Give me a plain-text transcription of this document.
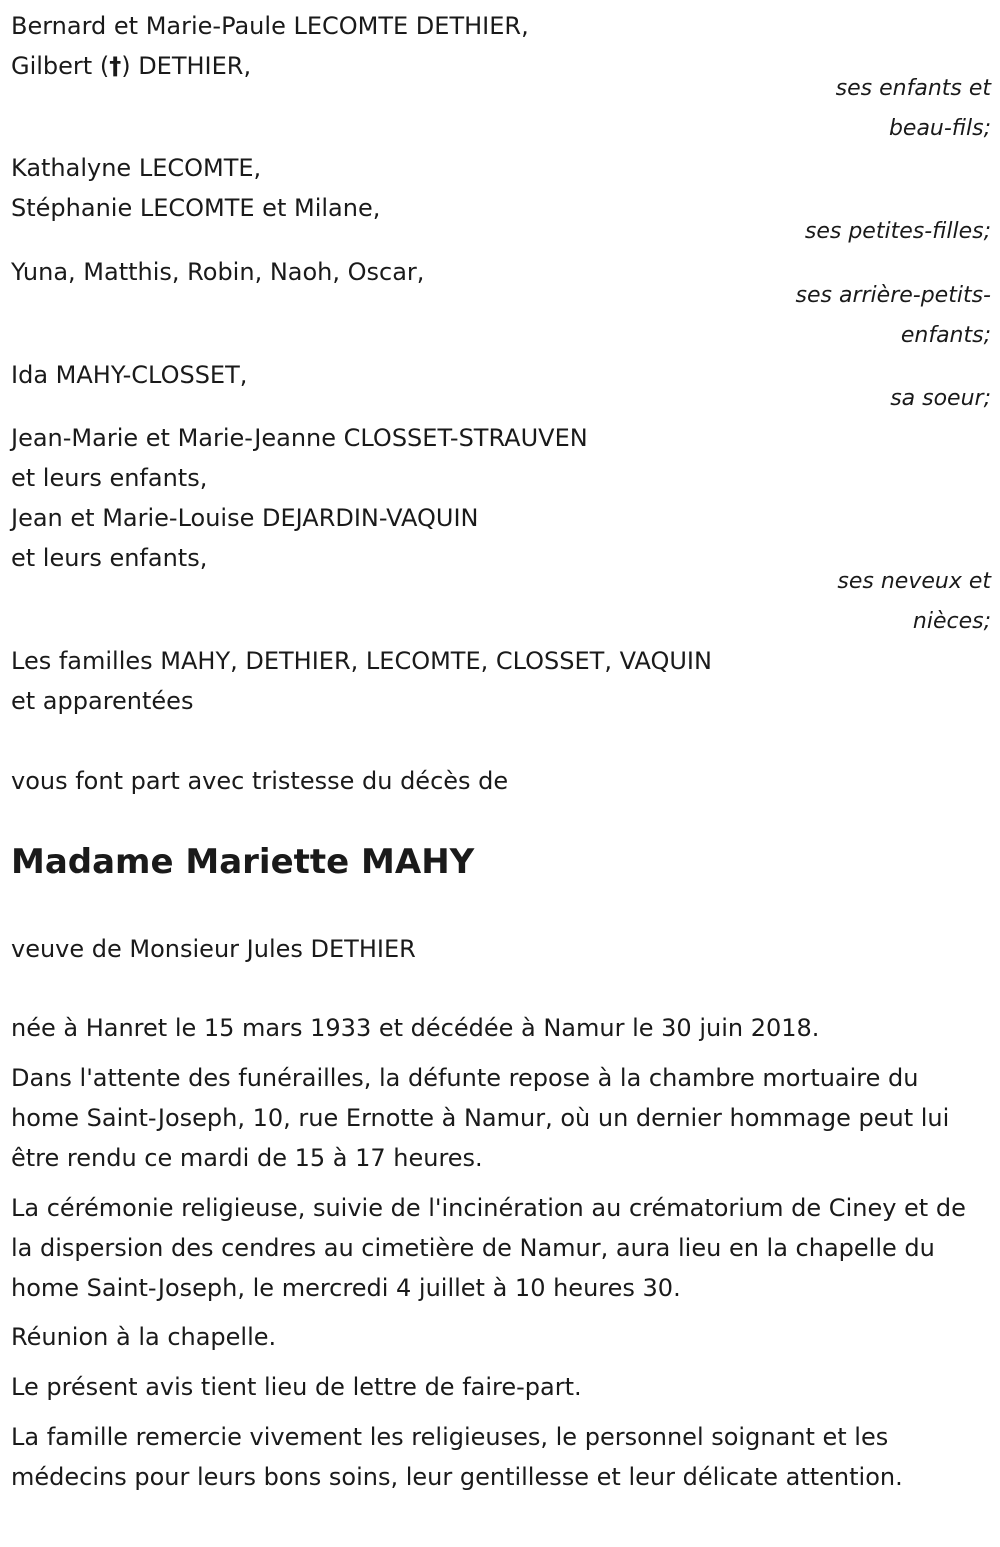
Bernard et Marie-Paule LECOMTE DETHIER,
Gilbert (†) DETHIER,
ses enfants et
beau-fils;
Kathalyne LECOMTE,
Stéphanie LECOMTE et Milane,
ses petites-filles;
Yuna, Matthis, Robin, Naoh, Oscar,
ses arrière-petits-
enfants;
Ida MAHY-CLOSSET,
sa soeur;
Jean-Marie et Marie-Jeanne CLOSSET-STRAUVEN
et leurs enfants,
Jean et Marie-Louise DEJARDIN-VAQUIN
et leurs enfants,
ses neveux et
nièces;
Les familles MAHY, DETHIER, LECOMTE, CLOSSET, VAQUIN
et apparentées
vous font part avec tristesse du décès de
Madame Mariette MAHY
veuve de Monsieur Jules DETHIER
née à Hanret le 15 mars 1933 et décédée à Namur le 30 juin 2018.
Dans l'attente des funérailles, la défunte repose à la chambre mortuaire du home Saint-Joseph, 10, rue Ernotte à Namur, où un dernier hommage peut lui être rendu ce mardi de 15 à 17 heures.
La cérémonie religieuse, suivie de l'incinération au crématorium de Ciney et de la dispersion des cendres au cimetière de Namur, aura lieu en la chapelle du home Saint-Joseph, le mercredi 4 juillet à 10 heures 30.
Réunion à la chapelle.
Le présent avis tient lieu de lettre de faire-part.
La famille remercie vivement les religieuses, le personnel soignant et les médecins pour leurs bons soins, leur gentillesse et leur délicate attention.
